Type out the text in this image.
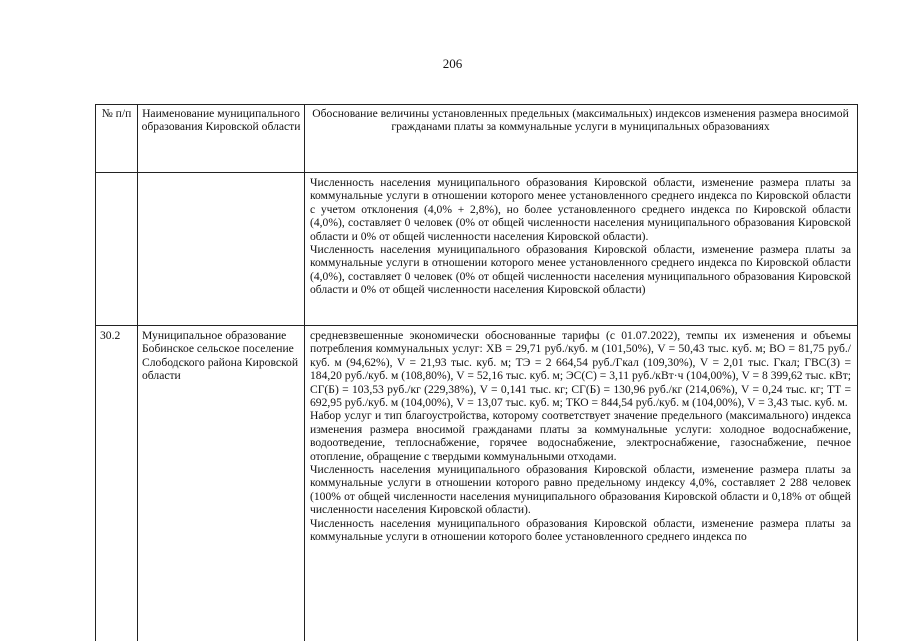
206
№ п/п Наименование муниципального образования Кировской области
Обоснование величины установленных предельных (максимальных) индексов изменения размера вносимой гражданами платы за коммунальные услуги в муниципальных образованиях

Численность населения муниципального образования Кировской области, изменение размера платы за коммунальные услуги в отношении которого менее установленного среднего индекса по Кировской области с учетом отклонения (4,0% + 2,8%), но более установленного среднего индекса по Кировской области (4,0%), составляет 0 человек (0% от общей численности населения муниципального образования Кировской области и 0% от общей численности населения Кировской области).

Численность населения муниципального образования Кировской области, изменение размера платы за коммунальные услуги в отношении которого менее установленного среднего индекса по Кировской области (4,0%), составляет 0 человек (0% от общей численности населения муниципального образования Кировской области и 0% от общей численности населения Кировской области)

30.2	Муниципальное образование Бобинское сельское поселение Слободского района Кировской области

средневзвешенные экономически обоснованные тарифы (с 01.07.2022), темпы их изменения и объемы потребления коммунальных услуг: ХВ = 29,71 руб./куб. м (101,50%), V = 50,43 тыс. куб. м; ВО = 81,75 руб./куб. м (94,62%), V = 21,93 тыс. куб. м; ТЭ = 2 664,54 руб./Гкал (109,30%), V = 2,01 тыс. Гкал; ГВС(З) = 184,20 руб./куб. м (108,80%), V = 52,16 тыс. куб. м; ЭС(С) = 3,11 руб./кВт·ч (104,00%), V = 8 399,62 тыс. кВт; СГ(Б) = 103,53 руб./кг (229,38%), V = 0,141 тыс. кг; СГ(Б) = 130,96 руб./кг (214,06%), V = 0,24 тыс. кг; ТТ = 692,95 руб./куб. м (104,00%), V = 13,07 тыс. куб. м; ТКО = 844,54 руб./куб. м (104,00%), V = 3,43 тыс. куб. м.

Набор услуг и тип благоустройства, которому соответствует значение предельного (максимального) индекса изменения размера вносимой гражданами платы за коммунальные услуги: холодное водоснабжение, водоотведение, теплоснабжение, горячее водоснабжение, электроснабжение, газоснабжение, печное отопление, обращение с твердыми коммунальными отходами.

Численность населения муниципального образования Кировской области, изменение размера платы за коммунальные услуги в отношении которого равно предельному индексу 4,0%, составляет 2 288 человек (100% от общей численности населения муниципального образования Кировской области и 0,18% от общей численности населения Кировской области).

Численность населения муниципального образования Кировской области, изменение размера платы за коммунальные услуги в отношении которого более установленного среднего индекса по
